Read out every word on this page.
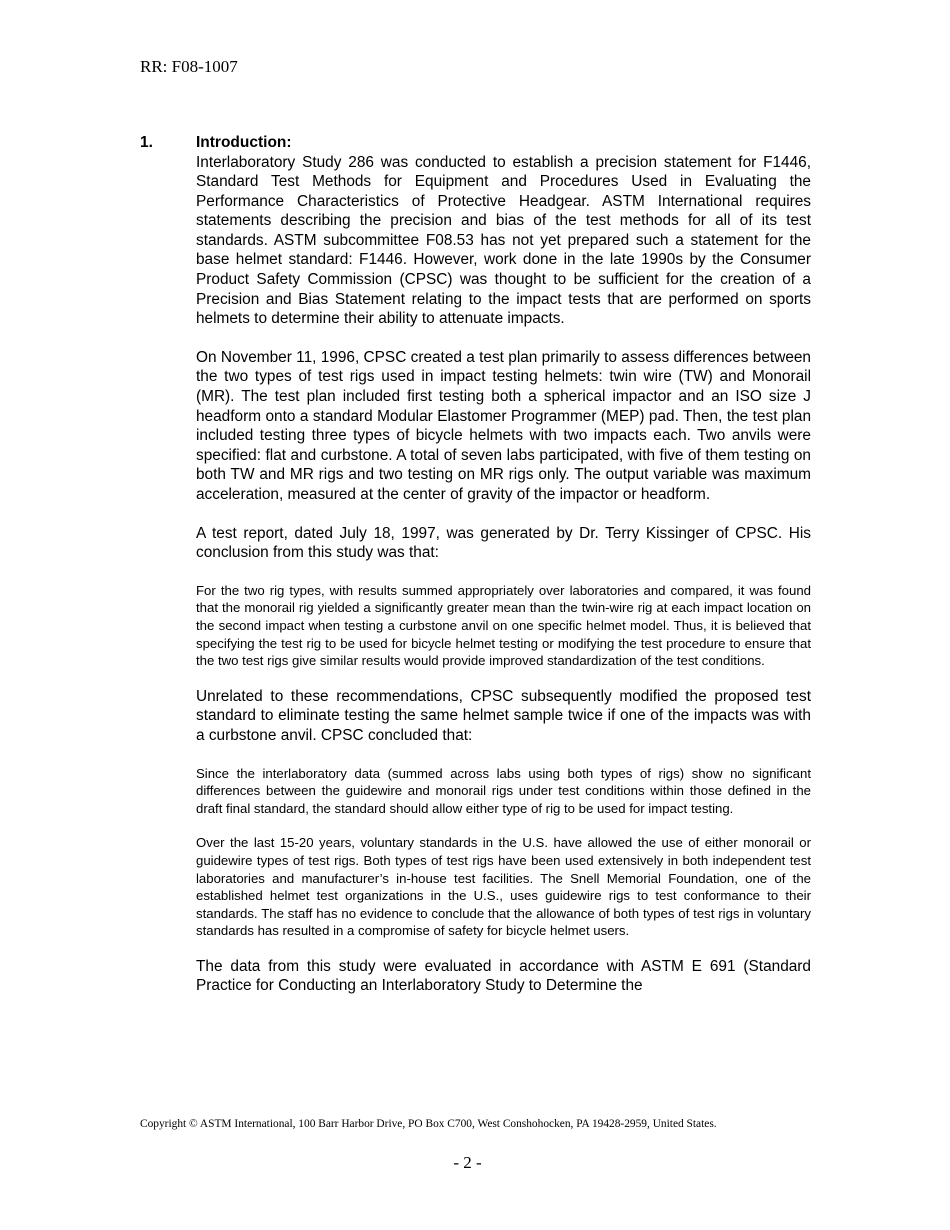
RR: F08-1007

1.	Introduction:

Interlaboratory Study 286 was conducted to establish a precision statement for F1446, Standard Test Methods for Equipment and Procedures Used in Evaluating the Performance Characteristics of Protective Headgear. ASTM International requires statements describing the precision and bias of the test methods for all of its test standards. ASTM subcommittee F08.53 has not yet prepared such a statement for the base helmet standard: F1446. However, work done in the late 1990s by the Consumer Product Safety Commission (CPSC) was thought to be sufficient for the creation of a Precision and Bias Statement relating to the impact tests that are performed on sports helmets to determine their ability to attenuate impacts.

On November 11, 1996, CPSC created a test plan primarily to assess differences between the two types of test rigs used in impact testing helmets: twin wire (TW) and Monorail (MR). The test plan included first testing both a spherical impactor and an ISO size J headform onto a standard Modular Elastomer Programmer (MEP) pad. Then, the test plan included testing three types of bicycle helmets with two impacts each. Two anvils were specified: flat and curbstone. A total of seven labs participated, with five of them testing on both TW and MR rigs and two testing on MR rigs only. The output variable was maximum acceleration, measured at the center of gravity of the impactor or headform.

A test report, dated July 18, 1997, was generated by Dr. Terry Kissinger of CPSC. His conclusion from this study was that:

For the two rig types, with results summed appropriately over laboratories and compared, it was found that the monorail rig yielded a significantly greater mean than the twin-wire rig at each impact location on the second impact when testing a curbstone anvil on one specific helmet model. Thus, it is believed that specifying the test rig to be used for bicycle helmet testing or modifying the test procedure to ensure that the two test rigs give similar results would provide improved standardization of the test conditions.

Unrelated to these recommendations, CPSC subsequently modified the proposed test standard to eliminate testing the same helmet sample twice if one of the impacts was with a curbstone anvil. CPSC concluded that:

Since the interlaboratory data (summed across labs using both types of rigs) show no significant differences between the guidewire and monorail rigs under test conditions within those defined in the draft final standard, the standard should allow either type of rig to be used for impact testing.

Over the last 15-20 years, voluntary standards in the U.S. have allowed the use of either monorail or guidewire types of test rigs. Both types of test rigs have been used extensively in both independent test laboratories and manufacturer’s in-house test facilities. The Snell Memorial Foundation, one of the established helmet test organizations in the U.S., uses guidewire rigs to test conformance to their standards. The staff has no evidence to conclude that the allowance of both types of test rigs in voluntary standards has resulted in a compromise of safety for bicycle helmet users.

The data from this study were evaluated in accordance with ASTM E 691 (Standard Practice for Conducting an Interlaboratory Study to Determine the

Copyright © ASTM International, 100 Barr Harbor Drive, PO Box C700, West Conshohocken, PA 19428-2959, United States.

- 2 -
